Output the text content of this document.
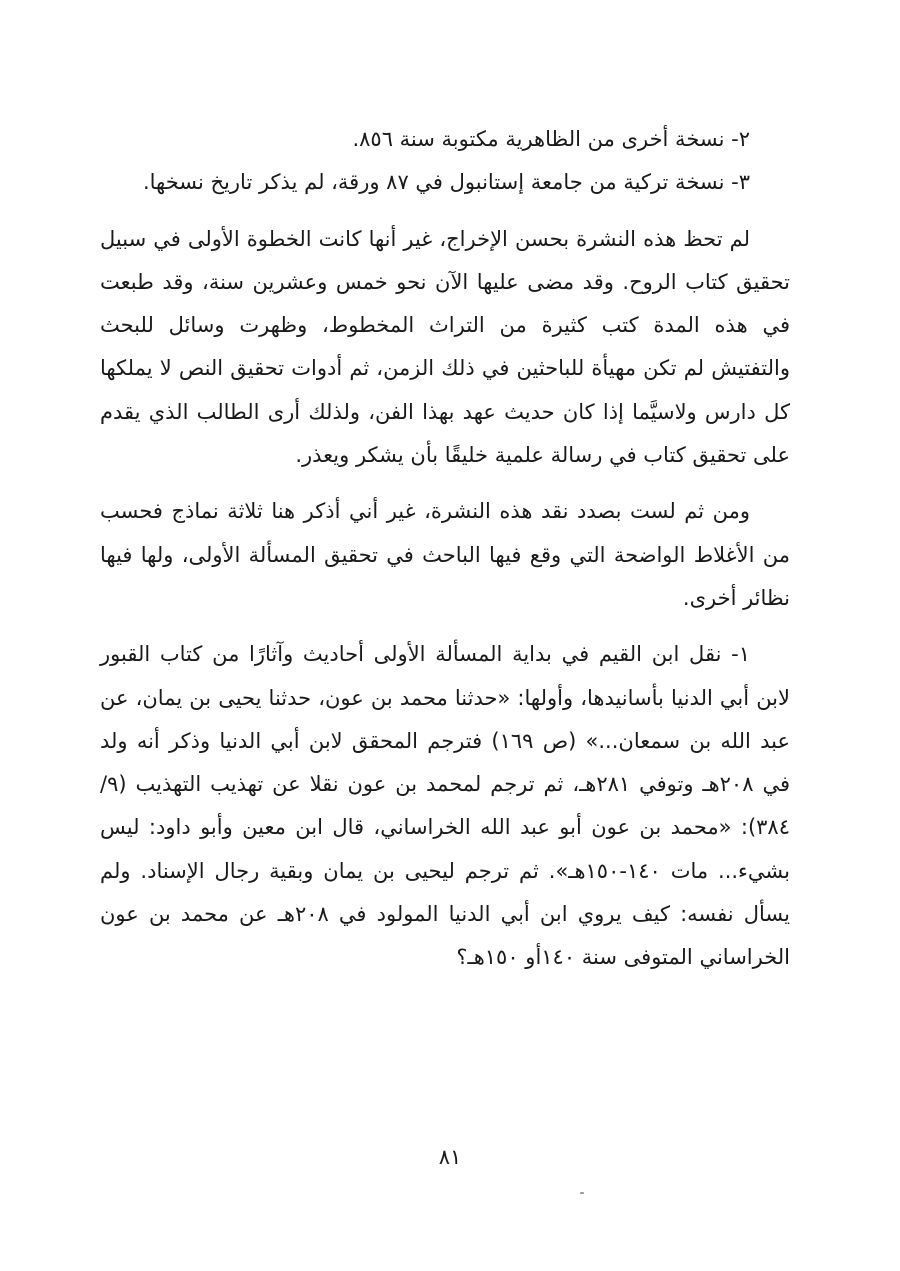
٢- نسخة أخرى من الظاهرية مكتوبة سنة ٨٥٦.

٣- نسخة تركية من جامعة إستانبول في ٨٧ ورقة، لم يذكر تاريخ نسخها.

لم تحظ هذه النشرة بحسن الإخراج، غير أنها كانت الخطوة الأولى في سبيل تحقيق كتاب الروح. وقد مضى عليها الآن نحو خمس وعشرين سنة، وقد طبعت في هذه المدة كتب كثيرة من التراث المخطوط، وظهرت وسائل للبحث والتفتيش لم تكن مهيأة للباحثين في ذلك الزمن، ثم أدوات تحقيق النص لا يملكها كل دارس ولاسيَّما إذا كان حديث عهد بهذا الفن، ولذلك أرى الطالب الذي يقدم على تحقيق كتاب في رسالة علمية خليقًا بأن يشكر ويعذر.

ومن ثم لست بصدد نقد هذه النشرة، غير أني أذكر هنا ثلاثة نماذج فحسب من الأغلاط الواضحة التي وقع فيها الباحث في تحقيق المسألة الأولى، ولها فيها نظائر أخرى.

١- نقل ابن القيم في بداية المسألة الأولى أحاديث وآثارًا من كتاب القبور لابن أبي الدنيا بأسانيدها، وأولها: «حدثنا محمد بن عون، حدثنا يحيى بن يمان، عن عبد الله بن سمعان...» (ص ١٦٩) فترجم المحقق لابن أبي الدنيا وذكر أنه ولد في ٢٠٨هـ وتوفي ٢٨١هـ، ثم ترجم لمحمد بن عون نقلا عن تهذيب التهذيب (٩/ ٣٨٤): «محمد بن عون أبو عبد الله الخراساني، قال ابن معين وأبو داود: ليس بشيء... مات ١٤٠-١٥٠هـ». ثم ترجم ليحيى بن يمان وبقية رجال الإسناد. ولم يسأل نفسه: كيف يروي ابن أبي الدنيا المولود في ٢٠٨هـ عن محمد بن عون الخراساني المتوفى سنة ١٤٠أو ١٥٠هـ؟

٨١
